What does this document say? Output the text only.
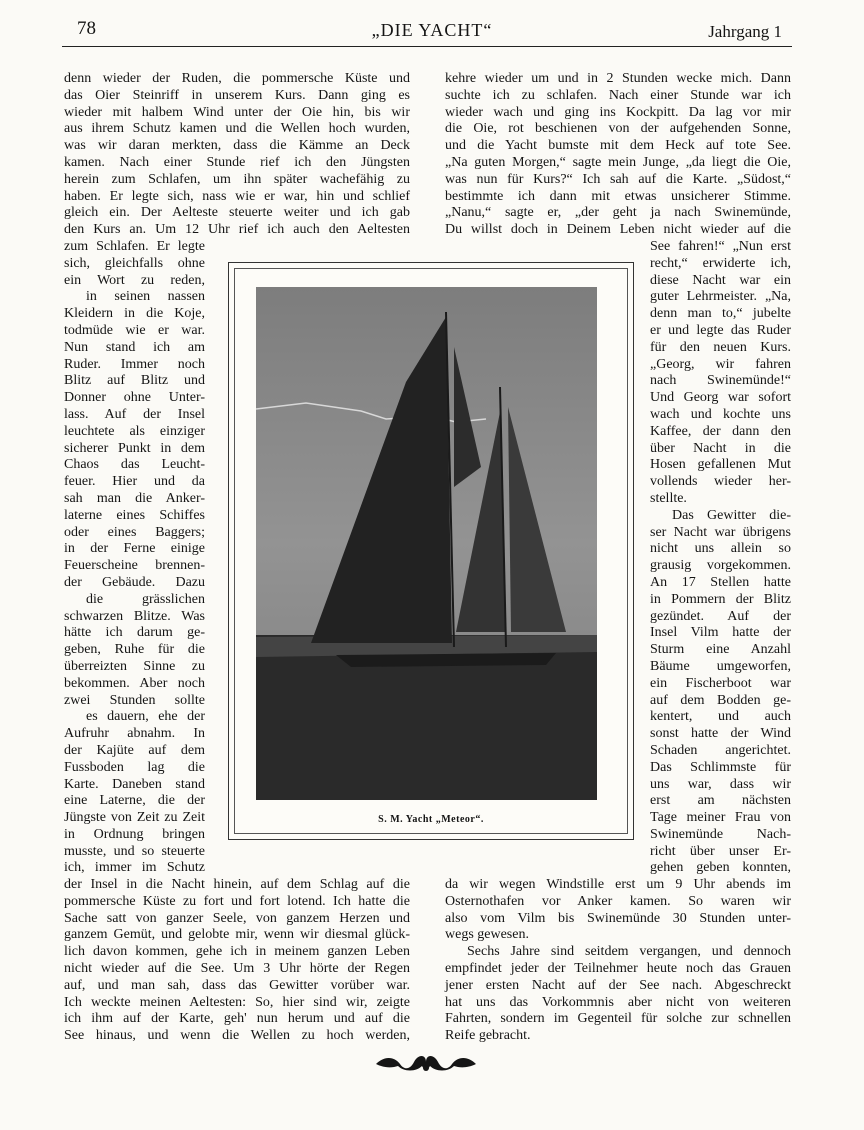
78	„DIE YACHT“	Jahrgang 1
denn wieder der Ruden, die pommersche Küste und
das Oier Steinriff in unserem Kurs. Dann ging es
wieder mit halbem Wind unter der Oie hin, bis wir
aus ihrem Schutz kamen und die Wellen hoch wurden,
was wir daran merkten, dass die Kämme an Deck
kamen. Nach einer Stunde rief ich den Jüngsten
herein zum Schlafen, um ihn später wachefähig zu
haben. Er legte sich, nass wie er war, hin und schlief
gleich ein. Der Aelteste steuerte weiter und ich gab
den Kurs an. Um 12 Uhr rief ich auch den Aeltesten
zum Schlafen. Er legte
sich, gleichfalls ohne
ein Wort zu reden,
in seinen nassen
Kleidern in die Koje,
todmüde wie er war.
Nun stand ich am
Ruder. Immer noch
Blitz auf Blitz und
Donner ohne Unter-
lass. Auf der Insel
leuchtete als einziger
sicherer Punkt in dem
Chaos das Leucht-
feuer. Hier und da
sah man die Anker-
laterne eines Schiffes
oder eines Baggers;
in der Ferne einige
Feuerscheine brennen-
der Gebäude. Dazu
die grässlichen
schwarzen Blitze. Was
hätte ich darum ge-
geben, Ruhe für die
überreizten Sinne zu
bekommen. Aber noch
zwei Stunden sollte
es dauern, ehe der
Aufruhr abnahm. In
der Kajüte auf dem
Fussboden lag die
Karte. Daneben stand
eine Laterne, die der
Jüngste von Zeit zu Zeit
in Ordnung bringen
musste, und so steuerte
ich, immer im Schutz
der Insel in die Nacht hinein, auf dem Schlag auf die
pommersche Küste zu fort und fort lotend. Ich hatte die
Sache satt von ganzer Seele, von ganzem Herzen und
ganzem Gemüt, und gelobte mir, wenn wir diesmal glück-
lich davon kommen, gehe ich in meinem ganzen Leben
nicht wieder auf die See. Um 3 Uhr hörte der Regen
auf, und man sah, dass das Gewitter vorüber war.
Ich weckte meinen Aeltesten: So, hier sind wir, zeigte
ich ihm auf der Karte, geh' nun herum und auf die
See hinaus, und wenn die Wellen zu hoch werden,
kehre wieder um und in 2 Stunden wecke mich. Dann
suchte ich zu schlafen. Nach einer Stunde war ich
wieder wach und ging ins Kockpitt. Da lag vor mir
die Oie, rot beschienen von der aufgehenden Sonne,
und die Yacht bumste mit dem Heck auf tote See.
„Na guten Morgen,“ sagte mein Junge, „da liegt die Oie,
was nun für Kurs?“ Ich sah auf die Karte. „Südost,“
bestimmte ich dann mit etwas unsicherer Stimme.
„Nanu,“ sagte er, „der geht ja nach Swinemünde,
Du willst doch in Deinem Leben nicht wieder auf die
See fahren!“ „Nun erst
recht,“ erwiderte ich,
diese Nacht war ein
guter Lehrmeister. „Na,
denn man to,“ jubelte
er und legte das Ruder
für den neuen Kurs.
„Georg, wir fahren
nach Swinemünde!“
Und Georg war sofort
wach und kochte uns
Kaffee, der dann den
über Nacht in die
Hosen gefallenen Mut
vollends wieder her-
stellte.
Das Gewitter die-
ser Nacht war übrigens
nicht uns allein so
grausig vorgekommen.
An 17 Stellen hatte
in Pommern der Blitz
gezündet. Auf der
Insel Vilm hatte der
Sturm eine Anzahl
Bäume umgeworfen,
ein Fischerboot war
auf dem Bodden ge-
kentert, und auch
sonst hatte der Wind
Schaden angerichtet.
Das Schlimmste für
uns war, dass wir
erst am nächsten
Tage meiner Frau von
Swinemünde Nach-
richt über unser Er-
gehen geben konnten,
da wir wegen Windstille erst um 9 Uhr abends im
Osternothafen vor Anker kamen. So waren wir
also vom Vilm bis Swinemünde 30 Stunden unter-
wegs gewesen.
Sechs Jahre sind seitdem vergangen, und dennoch
empfindet jeder der Teilnehmer heute noch das Grauen
jener ersten Nacht auf der See nach. Abgeschreckt
hat uns das Vorkommnis aber nicht von weiteren
Fahrten, sondern im Gegenteil für solche zur schnellen
Reife gebracht.
S. M. Yacht „Meteor“.
